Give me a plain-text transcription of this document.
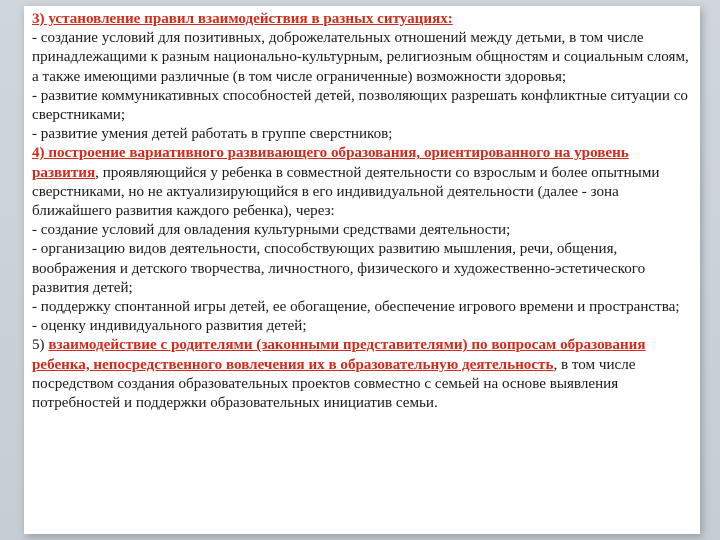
3) установление правил взаимодействия в разных ситуациях:

- создание условий для позитивных, доброжелательных отношений между детьми, в том числе принадлежащими к разным национально-культурным, религиозным общностям и социальным слоям, а также имеющими различные (в том числе ограниченные) возможности здоровья;

- развитие коммуникативных способностей детей, позволяющих разрешать конфликтные ситуации со сверстниками;

- развитие умения детей работать в группе сверстников;

4) построение вариативного развивающего образования, ориентированного на уровень развития, проявляющийся у ребенка в совместной деятельности со взрослым и более опытными сверстниками, но не актуализирующийся в его индивидуальной деятельности (далее - зона ближайшего развития каждого ребенка), через:

- создание условий для овладения культурными средствами деятельности;

- организацию видов деятельности, способствующих развитию мышления, речи, общения, воображения и детского творчества, личностного, физического и художественно-эстетического развития детей;

- поддержку спонтанной игры детей, ее обогащение, обеспечение игрового времени и пространства;

- оценку индивидуального развития детей;

5) взаимодействие с родителями (законными представителями) по вопросам образования ребенка, непосредственного вовлечения их в образовательную деятельность, в том числе посредством создания образовательных проектов совместно с семьей на основе выявления потребностей и поддержки образовательных инициатив семьи.
